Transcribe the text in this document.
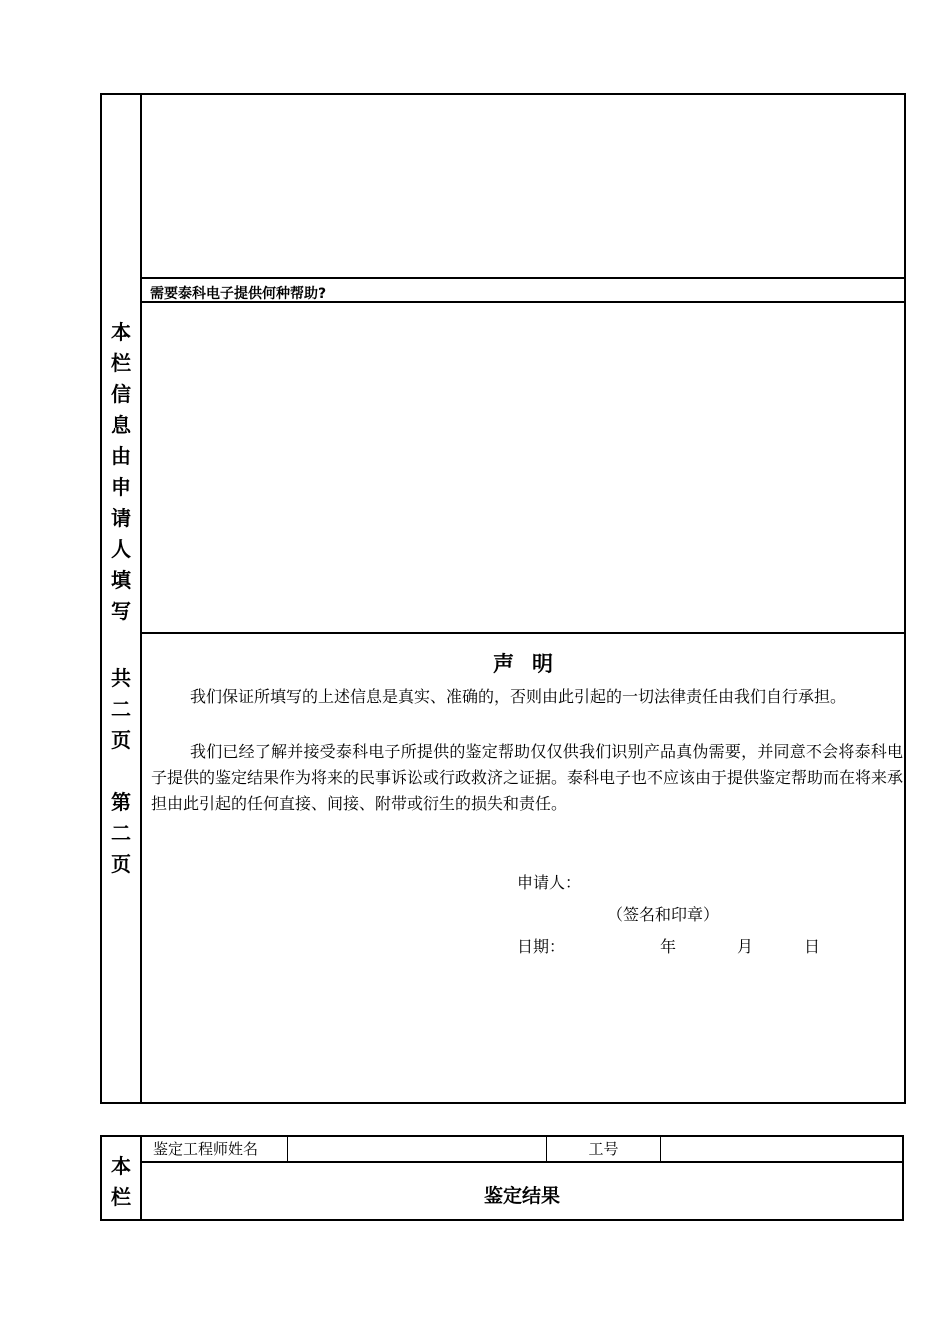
本
栏
信
息
由
申
请
人
填
写
共
二
页

第
二
页
需要泰科电子提供何种帮助?
声明

我们保证所填写的上述信息是真实、准确的，否则由此引起的一切法律责任由我们自行承担。

我们已经了解并接受泰科电子所提供的鉴定帮助仅仅供我们识别产品真伪需要，并同意不会将泰科电子提供的鉴定结果作为将来的民事诉讼或行政救济之证据。泰科电子也不应该由于提供鉴定帮助而在将来承担由此引起的任何直接、间接、附带或衍生的损失和责任。

申请人：
（签名和印章）
日期：	年	月	日
本
栏
鉴定工程师姓名	工号
鉴定结果
